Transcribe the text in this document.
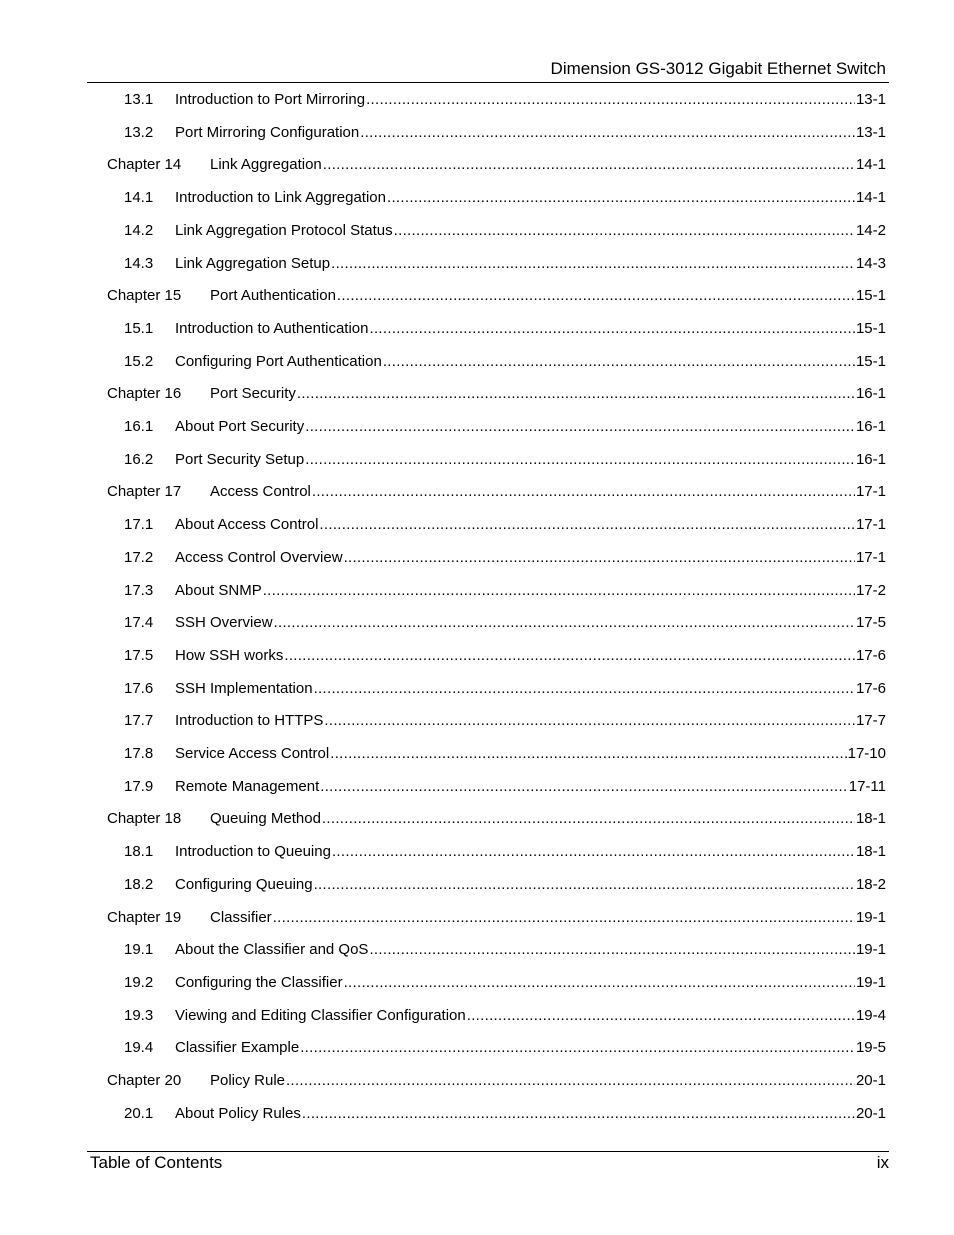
Dimension GS-3012 Gigabit Ethernet Switch
13.1	Introduction to Port Mirroring .....	13-1
13.2	Port Mirroring Configuration .....	13-1
Chapter 14	Link Aggregation .....	14-1
14.1	Introduction to Link Aggregation .....	14-1
14.2	Link Aggregation Protocol Status .....	14-2
14.3	Link Aggregation Setup .....	14-3
Chapter 15	Port Authentication .....	15-1
15.1	Introduction to Authentication .....	15-1
15.2	Configuring Port Authentication .....	15-1
Chapter 16	Port Security .....	16-1
16.1	About Port Security .....	16-1
16.2	Port Security Setup .....	16-1
Chapter 17	Access Control .....	17-1
17.1	About Access Control .....	17-1
17.2	Access Control Overview .....	17-1
17.3	About SNMP .....	17-2
17.4	SSH Overview .....	17-5
17.5	How SSH works .....	17-6
17.6	SSH Implementation .....	17-6
17.7	Introduction to HTTPS .....	17-7
17.8	Service Access Control .....	17-10
17.9	Remote Management .....	17-11
Chapter 18	Queuing Method .....	18-1
18.1	Introduction to Queuing .....	18-1
18.2	Configuring Queuing .....	18-2
Chapter 19	Classifier .....	19-1
19.1	About the Classifier and QoS .....	19-1
19.2	Configuring the Classifier .....	19-1
19.3	Viewing and Editing Classifier Configuration .....	19-4
19.4	Classifier Example .....	19-5
Chapter 20	Policy Rule .....	20-1
20.1	About Policy Rules .....	20-1
Table of Contents	ix
